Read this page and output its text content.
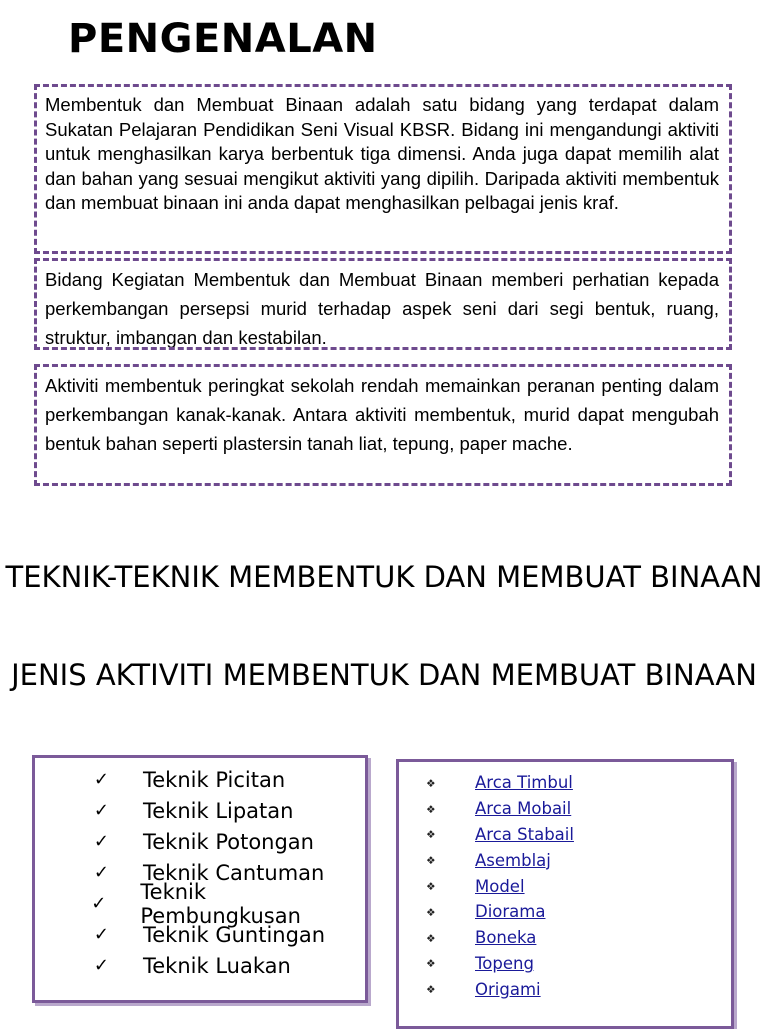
PENGENALAN
Membentuk dan Membuat Binaan adalah satu bidang yang terdapat dalam Sukatan Pelajaran Pendidikan Seni Visual KBSR. Bidang ini mengandungi aktiviti untuk menghasilkan karya berbentuk tiga dimensi. Anda juga dapat memilih alat dan bahan yang sesuai mengikut aktiviti yang dipilih. Daripada aktiviti membentuk dan membuat binaan ini anda dapat menghasilkan pelbagai jenis kraf.
Bidang Kegiatan Membentuk dan Membuat Binaan memberi perhatian kepada perkembangan persepsi murid terhadap aspek seni dari segi bentuk, ruang, struktur, imbangan dan kestabilan.
Aktiviti membentuk peringkat sekolah rendah memainkan peranan penting dalam perkembangan kanak-kanak. Antara aktiviti membentuk, murid dapat mengubah bentuk bahan seperti plastersin tanah liat, tepung, paper mache.
TEKNIK-TEKNIK MEMBENTUK DAN MEMBUAT BINAAN
JENIS AKTIVITI MEMBENTUK DAN MEMBUAT BINAAN
✓ Teknik Picitan
✓ Teknik Lipatan
✓ Teknik Potongan
✓ Teknik Cantuman
✓ Teknik Pembungkusan
✓ Teknik Guntingan
✓ Teknik Luakan
❖ Arca Timbul
❖ Arca Mobail
❖ Arca Stabail
❖ Asemblaj
❖ Model
❖ Diorama
❖ Boneka
❖ Topeng
❖ Origami
